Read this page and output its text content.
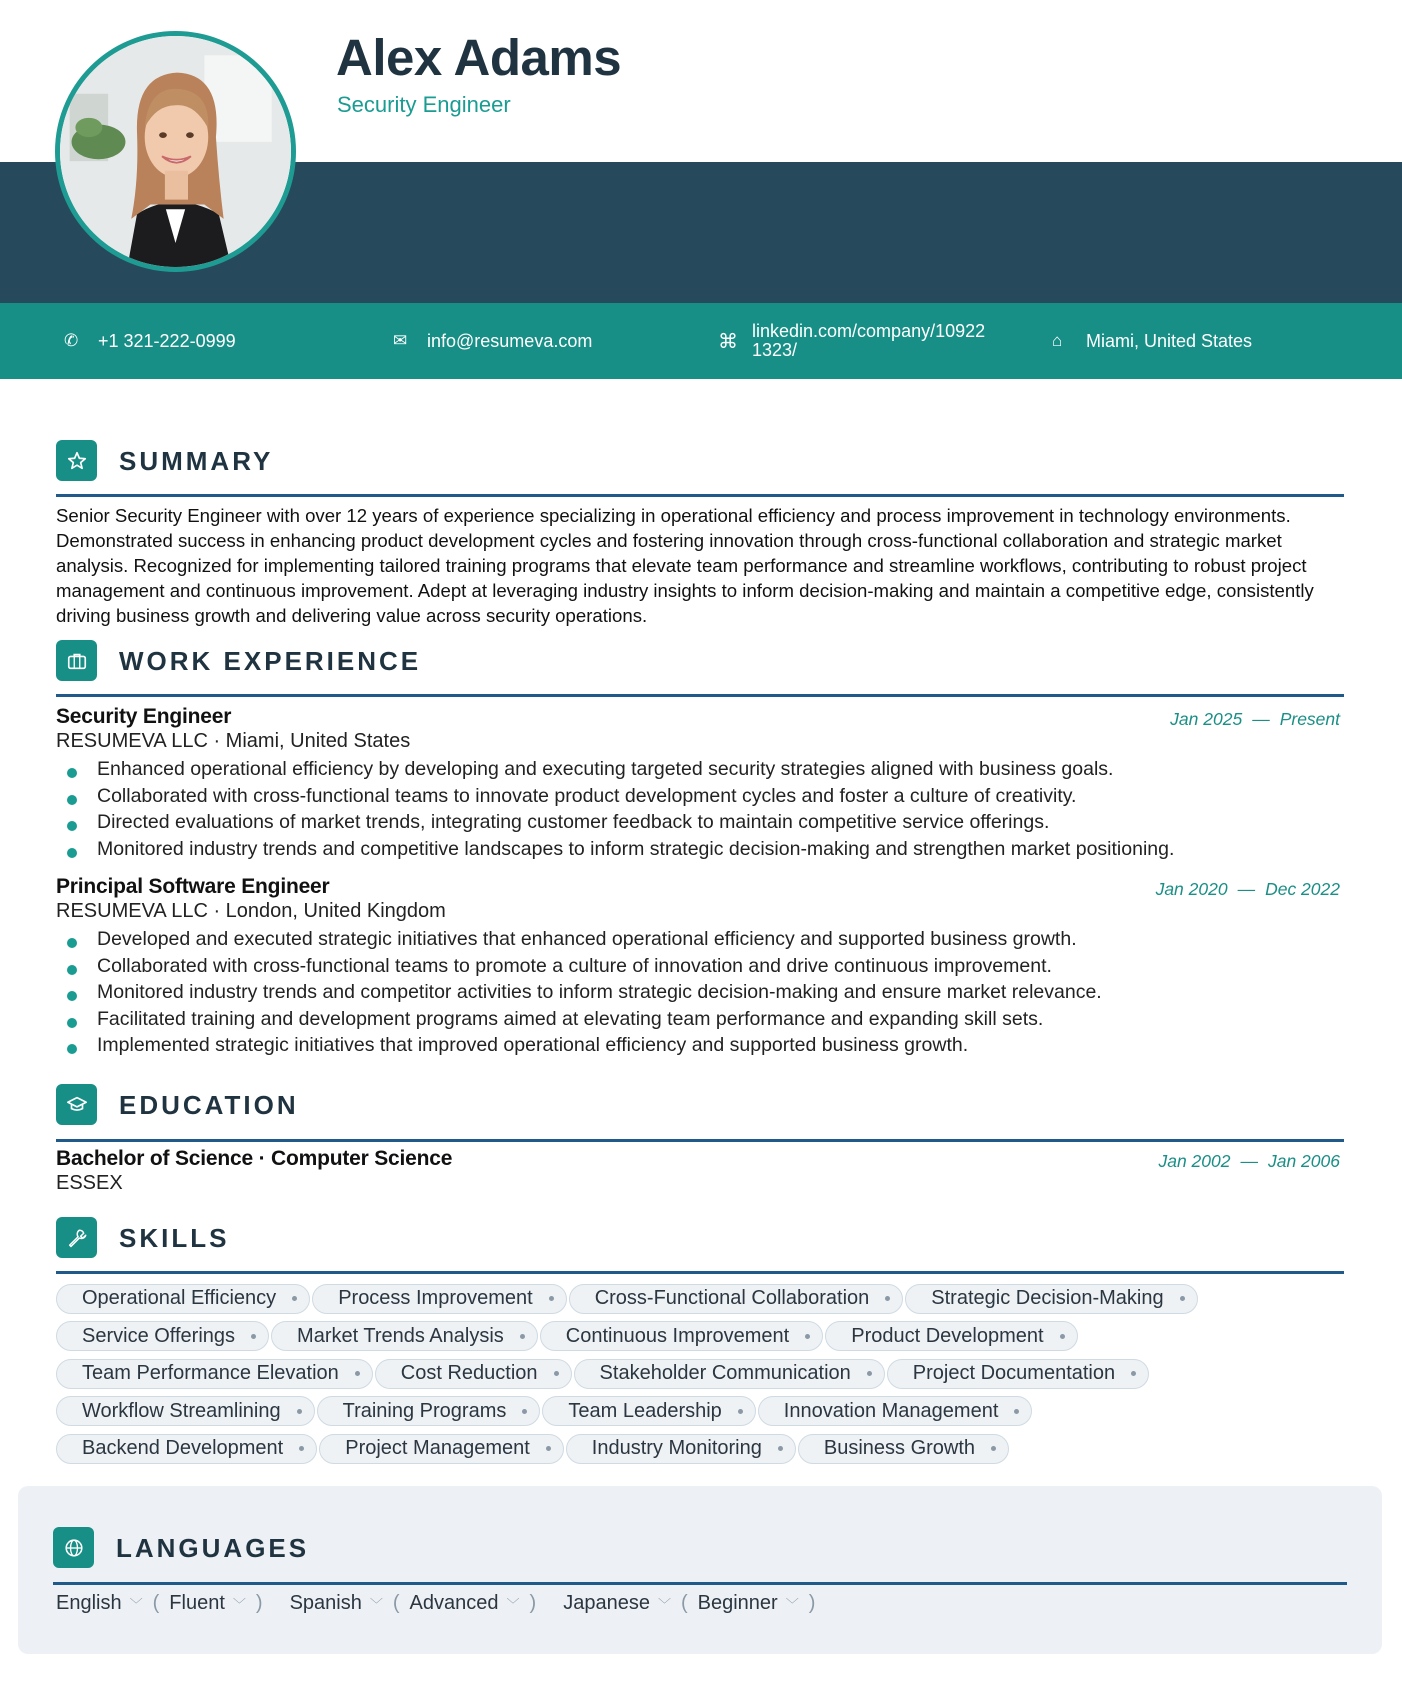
Alex Adams
Security Engineer
✆	+1 321-222-0999	✉	info@resumeva.com	⌘ linkedin.com/company/10922
1323/	⌂	Miami, United States
SUMMARY
Senior Security Engineer with over 12 years of experience specializing in operational efficiency and process improvement in technology environments. Demonstrated success in enhancing product development cycles and fostering innovation through cross-functional collaboration and strategic market analysis. Recognized for implementing tailored training programs that elevate team performance and streamline workflows, contributing to robust project management and continuous improvement. Adept at leveraging industry insights to inform decision-making and maintain a competitive edge, consistently driving business growth and delivering value across security operations.
WORK EXPERIENCE
Security Engineer
RESUMEVA LLC · Miami, United States
Jan 2025 — Present
Enhanced operational efficiency by developing and executing targeted security strategies aligned with business goals.
Collaborated with cross-functional teams to innovate product development cycles and foster a culture of creativity.
Directed evaluations of market trends, integrating customer feedback to maintain competitive service offerings.
Monitored industry trends and competitive landscapes to inform strategic decision-making and strengthen market positioning.
Principal Software Engineer
RESUMEVA LLC · London, United Kingdom
Jan 2020 — Dec 2022
Developed and executed strategic initiatives that enhanced operational efficiency and supported business growth.
Collaborated with cross-functional teams to promote a culture of innovation and drive continuous improvement.
Monitored industry trends and competitor activities to inform strategic decision-making and ensure market relevance.
Facilitated training and development programs aimed at elevating team performance and expanding skill sets.
Implemented strategic initiatives that improved operational efficiency and supported business growth.
EDUCATION
Bachelor of Science · Computer Science
ESSEX
Jan 2002 — Jan 2006
SKILLS
Operational Efficiency	Process Improvement	Cross-Functional Collaboration	Strategic Decision-Making
Service Offerings	Market Trends Analysis	Continuous Improvement	Product Development
Team Performance Elevation	Cost Reduction	Stakeholder Communication	Project Documentation
Workflow Streamlining	Training Programs	Team Leadership	Innovation Management
Backend Development	Project Management	Industry Monitoring	Business Growth
LANGUAGES
English ﹀ ( Fluent ﹀ ) Spanish ﹀ ( Advanced ﹀ ) Japanese ﹀ ( Beginner ﹀ )
